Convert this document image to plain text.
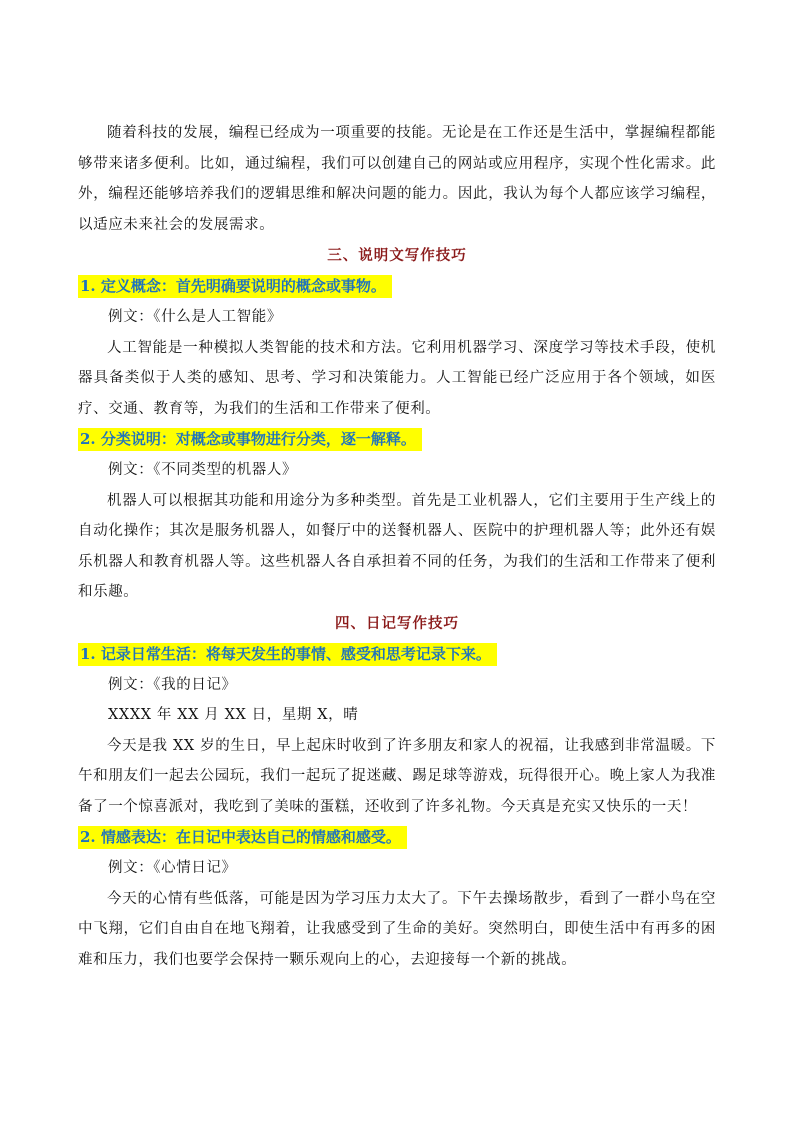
随着科技的发展，编程已经成为一项重要的技能。无论是在工作还是生活中，掌握编程都能够带来诸多便利。比如，通过编程，我们可以创建自己的网站或应用程序，实现个性化需求。此外，编程还能够培养我们的逻辑思维和解决问题的能力。因此，我认为每个人都应该学习编程，以适应未来社会的发展需求。

三、说明文写作技巧
1. 定义概念：首先明确要说明的概念或事物。
例文：《什么是人工智能》

人工智能是一种模拟人类智能的技术和方法。它利用机器学习、深度学习等技术手段，使机器具备类似于人类的感知、思考、学习和决策能力。人工智能已经广泛应用于各个领域，如医疗、交通、教育等，为我们的生活和工作带来了便利。

2. 分类说明：对概念或事物进行分类，逐一解释。
例文：《不同类型的机器人》

机器人可以根据其功能和用途分为多种类型。首先是工业机器人，它们主要用于生产线上的自动化操作；其次是服务机器人，如餐厅中的送餐机器人、医院中的护理机器人等；此外还有娱乐机器人和教育机器人等。这些机器人各自承担着不同的任务，为我们的生活和工作带来了便利和乐趣。

四、日记写作技巧
1. 记录日常生活：将每天发生的事情、感受和思考记录下来。
例文：《我的日记》
XXXX 年 XX 月 XX 日，星期 X，晴

今天是我 XX 岁的生日，早上起床时收到了许多朋友和家人的祝福，让我感到非常温暖。下午和朋友们一起去公园玩，我们一起玩了捉迷藏、踢足球等游戏，玩得很开心。晚上家人为我准备了一个惊喜派对，我吃到了美味的蛋糕，还收到了许多礼物。今天真是充实又快乐的一天！

2. 情感表达：在日记中表达自己的情感和感受。
例文：《心情日记》

今天的心情有些低落，可能是因为学习压力太大了。下午去操场散步，看到了一群小鸟在空中飞翔，它们自由自在地飞翔着，让我感受到了生命的美好。突然明白，即使生活中有再多的困难和压力，我们也要学会保持一颗乐观向上的心，去迎接每一个新的挑战。
